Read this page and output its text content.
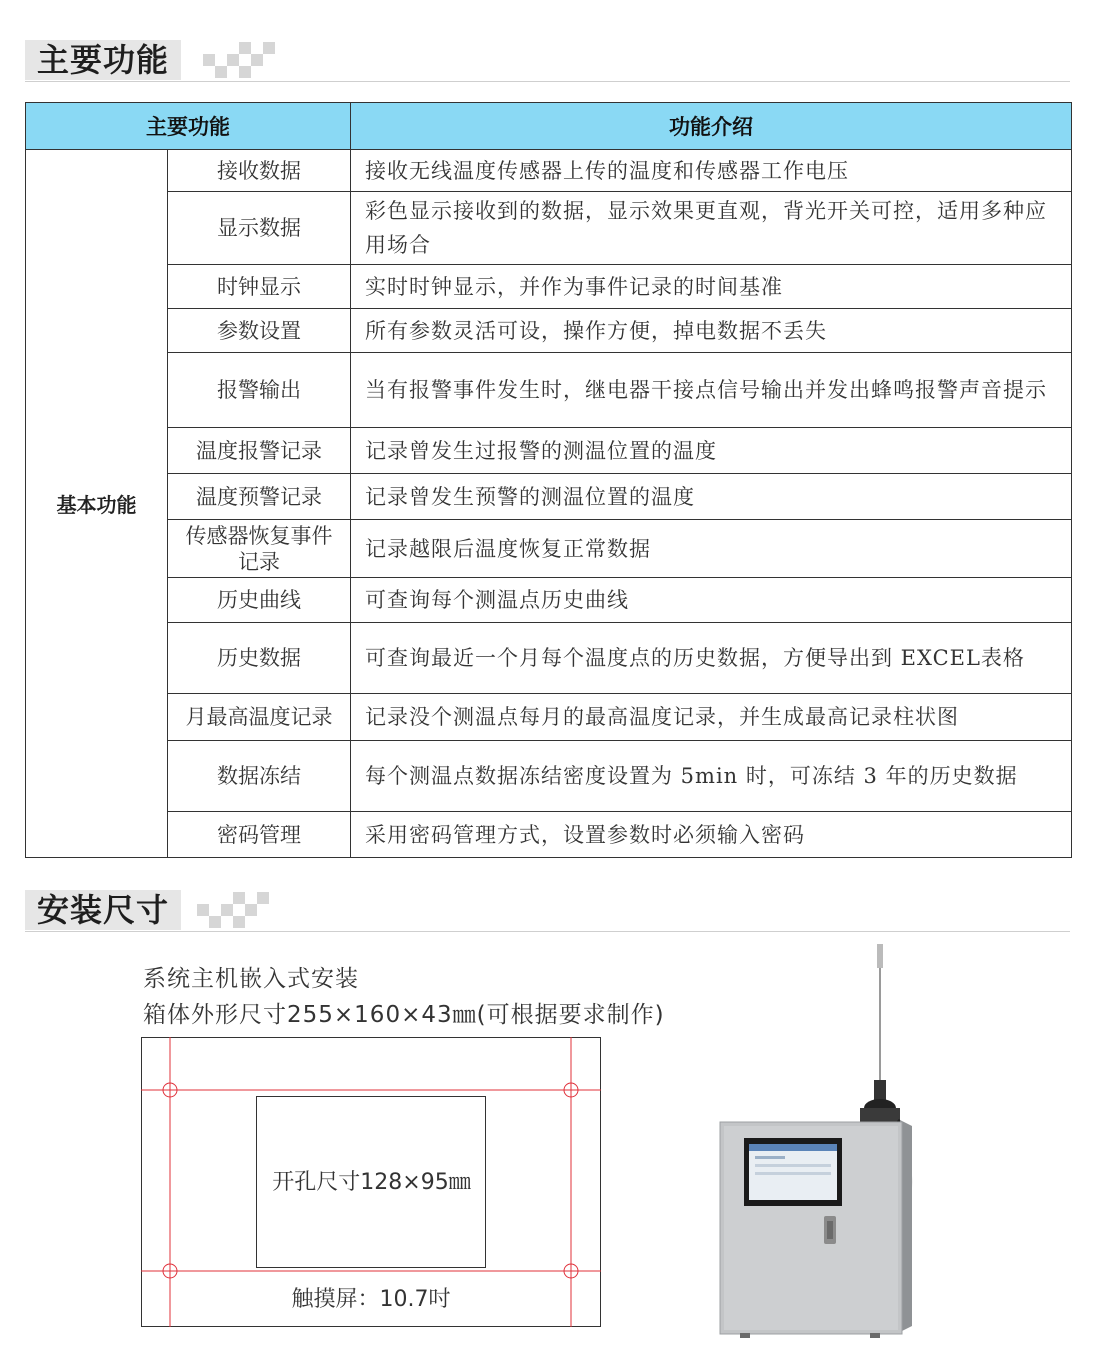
主要功能
主要功能		功能介绍
基本功能	接收数据	接收无线温度传感器上传的温度和传感器工作电压
	显示数据	彩色显示接收到的数据，显示效果更直观，背光开关可控，适用多种应用场合
	时钟显示	实时时钟显示，并作为事件记录的时间基准
	参数设置	所有参数灵活可设，操作方便，掉电数据不丢失
	报警输出	当有报警事件发生时，继电器干接点信号输出并发出蜂鸣报警声音提示
	温度报警记录	记录曾发生过报警的测温位置的温度
	温度预警记录	记录曾发生预警的测温位置的温度
	传感器恢复事件记录	记录越限后温度恢复正常数据
	历史曲线	可查询每个测温点历史曲线
	历史数据	可查询最近一个月每个温度点的历史数据，方便导出到 EXCEL表格
	月最高温度记录	记录没个测温点每月的最高温度记录，并生成最高记录柱状图
	数据冻结	每个测温点数据冻结密度设置为 5min 时，可冻结 3 年的历史数据
	密码管理	采用密码管理方式，设置参数时必须输入密码
安装尺寸
系统主机嵌入式安装
箱体外形尺寸255×160×43㎜(可根据要求制作)
开孔尺寸128×95㎜
触摸屏：10.7吋
